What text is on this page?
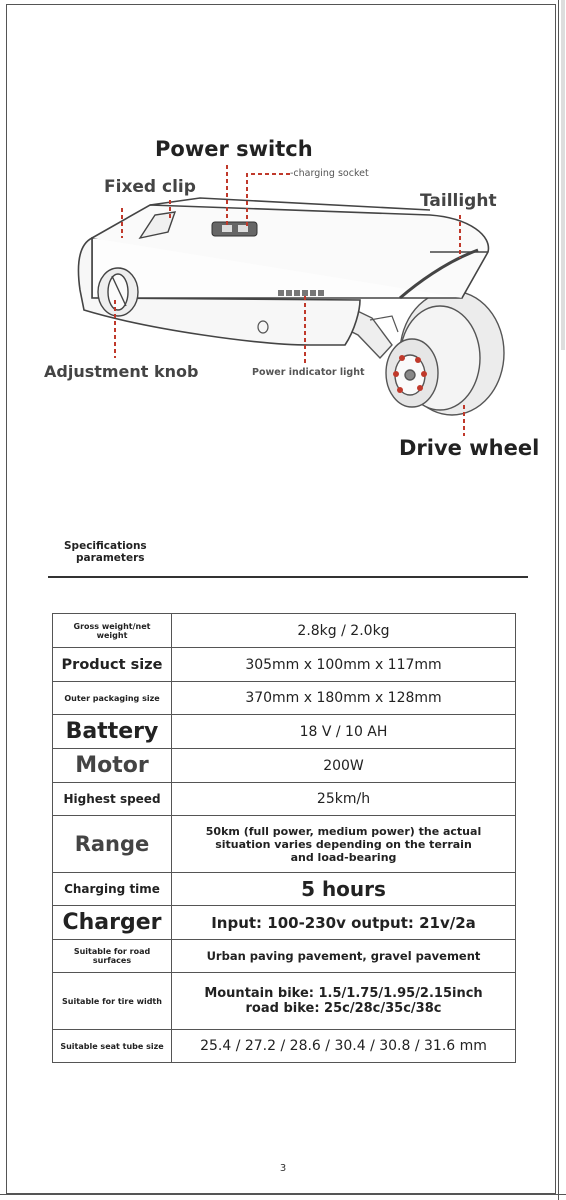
Power switch
Fixed clip
-charging socket
Taillight
Adjustment knob	Power indicator light
Drive wheel
Specifications
parameters
Gross weight/net weight	2.8kg / 2.0kg
Product size	305mm x 100mm x 117mm
Outer packaging size	370mm x 180mm x 128mm
Battery	18 V / 10 AH
Motor	200W
Highest speed	25km/h
Range	50km (full power, medium power) the actual situation varies depending on the terrain and load-bearing
Charging time	5 hours
Charger	Input: 100-230v output: 21v/2a
Suitable for road surfaces	Urban paving pavement, gravel pavement
Suitable for tire width	Mountain bike: 1.5/1.75/1.95/2.15inch
road bike: 25c/28c/35c/38c

Suitable seat tube size	25.4 / 27.2 / 28.6 / 30.4 / 30.8 / 31.6 mm
3
